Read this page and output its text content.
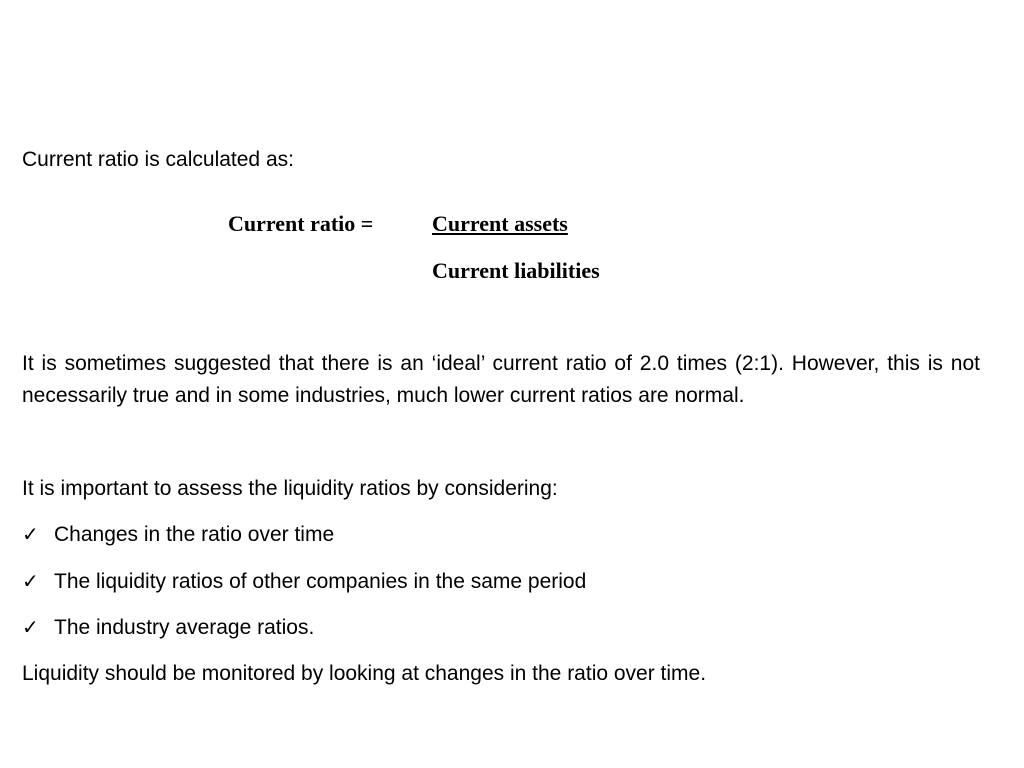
Current ratio is calculated as:
Current ratio =	Current assets
Current liabilities
It is sometimes suggested that there is an ‘ideal’ current ratio of 2.0 times (2:1). However, this is not necessarily true and in some industries, much lower current ratios are normal.
It is important to assess the liquidity ratios by considering:
✓ Changes in the ratio over time
✓ The liquidity ratios of other companies in the same period
✓ The industry average ratios.
Liquidity should be monitored by looking at changes in the ratio over time.
